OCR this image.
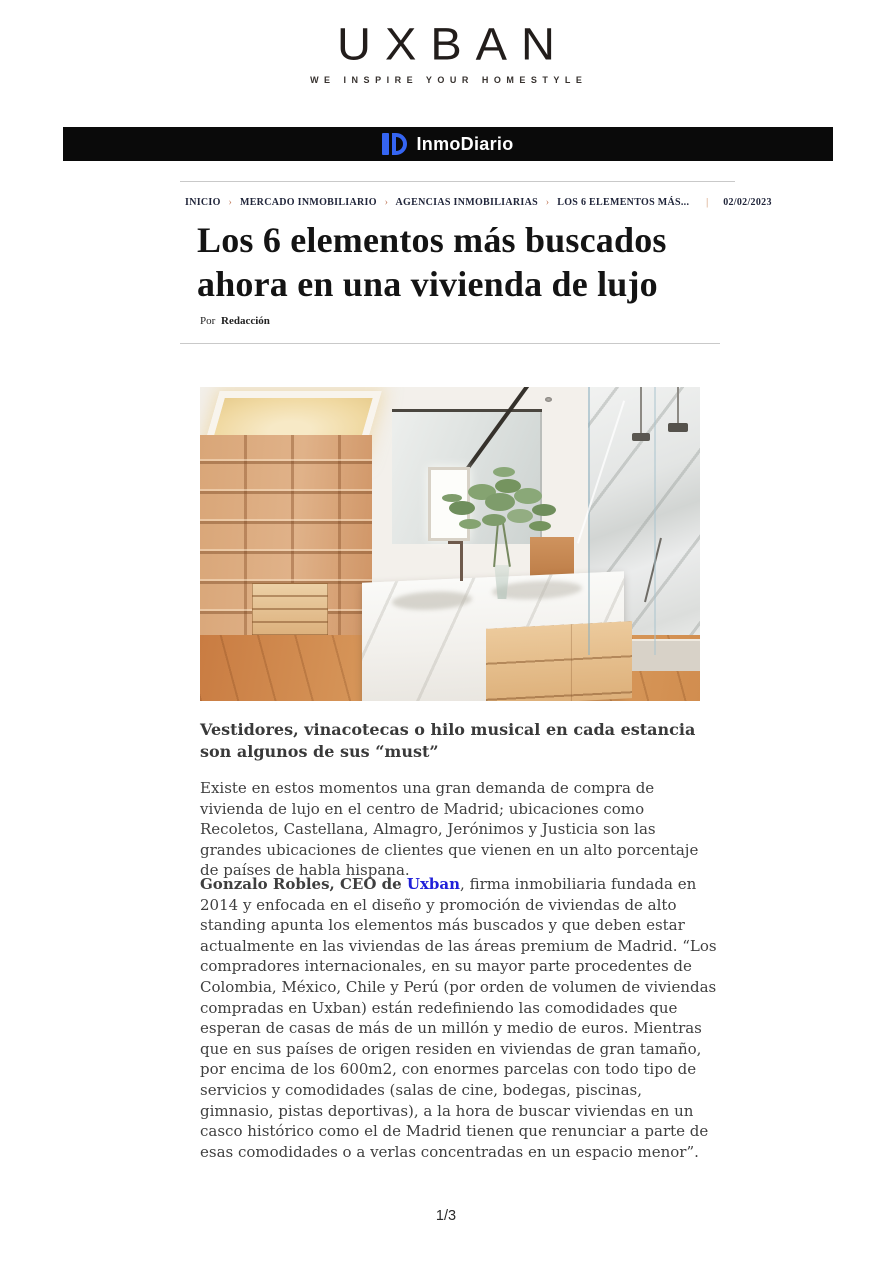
UXBAN
WE INSPIRE YOUR HOMESTYLE
InmoDiario
INICIO › MERCADO INMOBILIARIO › AGENCIAS INMOBILIARIAS › LOS 6 ELEMENTOS MÁS... | 02/02/2023
Los 6 elementos más buscados ahora en una vivienda de lujo
Por Redacción
Vestidores, vinacotecas o hilo musical en cada estancia son algunos de sus “must”

Existe en estos momentos una gran demanda de compra de vivienda de lujo en el centro de Madrid; ubicaciones como Recoletos, Castellana, Almagro, Jerónimos y Justicia son las grandes ubicaciones de clientes que vienen en un alto porcentaje de países de habla hispana.

Gonzalo Robles, CEO de Uxban, firma inmobiliaria fundada en 2014 y enfocada en el diseño y promoción de viviendas de alto standing apunta los elementos más buscados y que deben estar actualmente en las viviendas de las áreas premium de Madrid. “Los compradores internacionales, en su mayor parte procedentes de Colombia, México, Chile y Perú (por orden de volumen de viviendas compradas en Uxban) están redefiniendo las comodidades que esperan de casas de más de un millón y medio de euros. Mientras que en sus países de origen residen en viviendas de gran tamaño, por encima de los 600m2, con enormes parcelas con todo tipo de servicios y comodidades (salas de cine, bodegas, piscinas, gimnasio, pistas deportivas), a la hora de buscar viviendas en un casco histórico como el de Madrid tienen que renunciar a parte de esas comodidades o a verlas concentradas en un espacio menor”.

1/3
